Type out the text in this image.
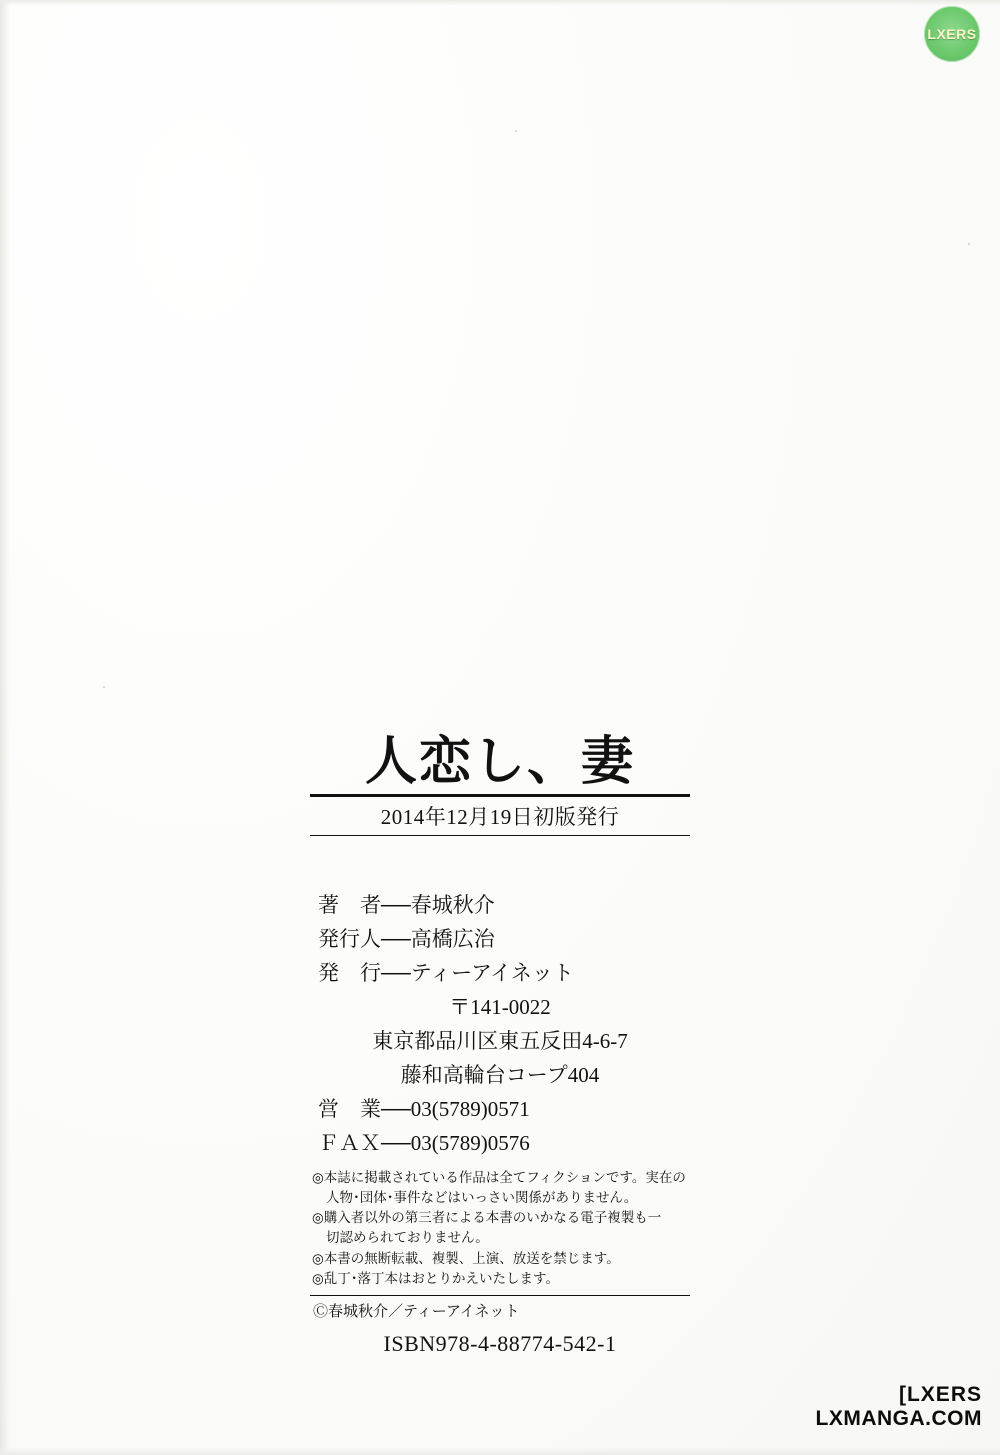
LXERS
人恋し、妻
2014年12月19日初版発行
著　者──春城秋介
発行人──高橋広治
発　行──ティーアイネット
〒141-0022
東京都品川区東五反田4-6-7
藤和高輪台コープ404
営　業──03(5789)0571
ＦＡＸ──03(5789)0576
◎本誌に掲載されている作品は全てフィクションです。実在の
人物･団体･事件などはいっさい関係がありません。
◎購入者以外の第三者による本書のいかなる電子複製も一
切認められておりません。
◎本書の無断転載、複製、上演、放送を禁じます。
◎乱丁･落丁本はおとりかえいたします。
Ⓒ春城秋介／ティーアイネット
ISBN978-4-88774-542-1
[LXERS
LXMANGA.COM
